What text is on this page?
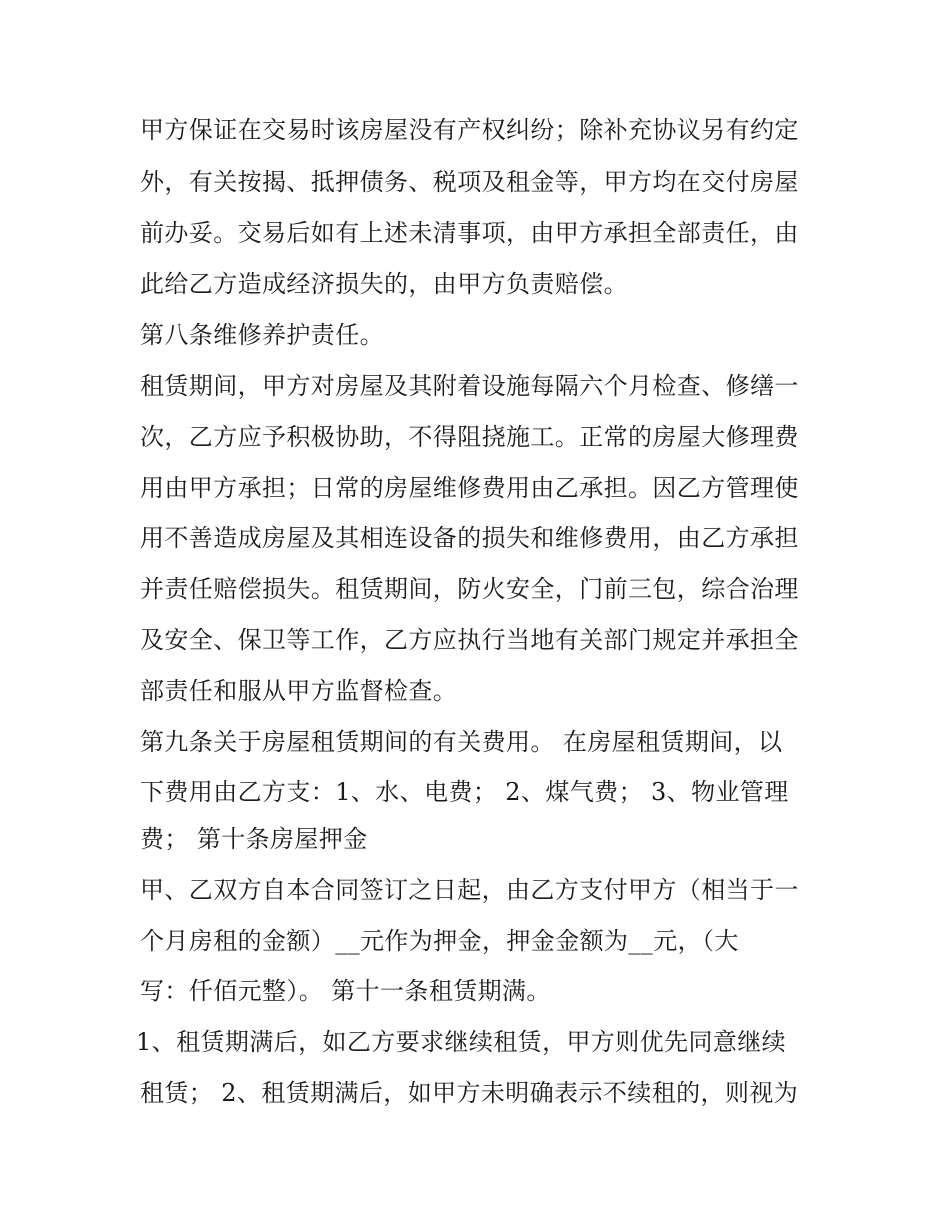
甲方保证在交易时该房屋没有产权纠纷；除补充协议另有约定
外，有关按揭、抵押债务、税项及租金等，甲方均在交付房屋
前办妥。交易后如有上述未清事项，由甲方承担全部责任，由
此给乙方造成经济损失的，由甲方负责赔偿。
第八条维修养护责任。
租赁期间，甲方对房屋及其附着设施每隔六个月检查、修缮一
次，乙方应予积极协助，不得阻挠施工。正常的房屋大修理费
用由甲方承担；日常的房屋维修费用由乙承担。因乙方管理使
用不善造成房屋及其相连设备的损失和维修费用，由乙方承担
并责任赔偿损失。租赁期间，防火安全，门前三包，综合治理
及安全、保卫等工作，乙方应执行当地有关部门规定并承担全
部责任和服从甲方监督检查。
第九条关于房屋租赁期间的有关费用。 在房屋租赁期间，以
下费用由乙方支：1、水、电费； 2、煤气费； 3、物业管理
费； 第十条房屋押金
甲、乙双方自本合同签订之日起，由乙方支付甲方（相当于一
个月房租的金额）__元作为押金，押金金额为__元，（大
写：仟佰元整）。 第十一条租赁期满。
1、租赁期满后，如乙方要求继续租赁，甲方则优先同意继续
租赁； 2、租赁期满后，如甲方未明确表示不续租的，则视为
